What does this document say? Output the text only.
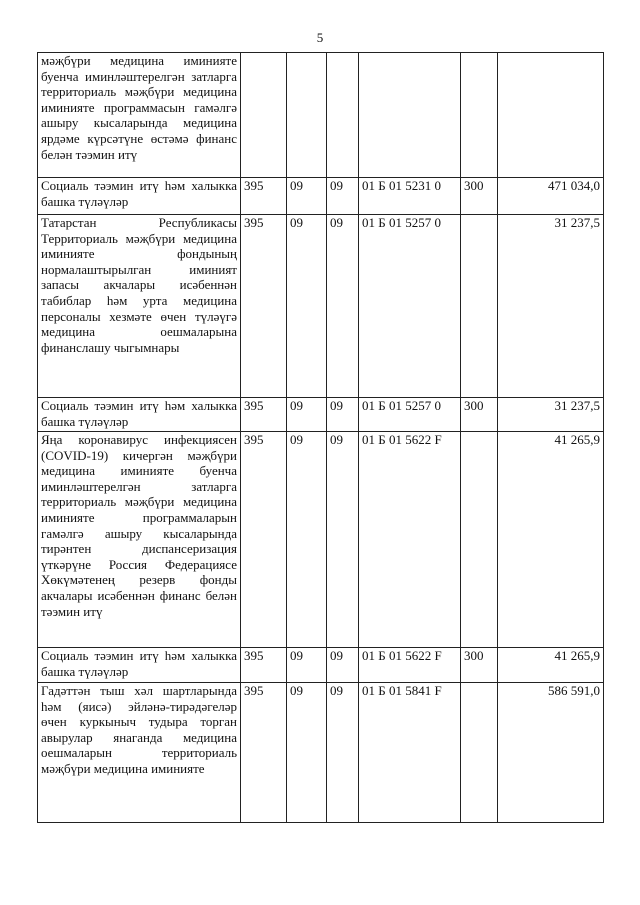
5
мәҗбүри медицина иминияте буенча иминләштерелгән затларга территориаль мәҗбүри медицина иминияте программасын гамәлгә ашыру кысаларында медицина ярдәме күрсәтүне өстәмә финанс белән тәэмин итү						
Социаль тәэмин итү һәм халыкка башка түләүләр	395	09	09	01 Б 01 5231 0	300	471 034,0
Татарстан Республикасы Территориаль мәҗбүри медицина иминияте фондының нормалаштырылган иминият запасы акчалары исәбеннән табиблар һәм урта медицина персоналы хезмәте өчен түләүгә медицина оешмаларына финанслашу чыгымнары	395	09	09	01 Б 01 5257 0		31 237,5
Социаль тәэмин итү һәм халыкка башка түләүләр	395	09	09	01 Б 01 5257 0	300	31 237,5
Яңа коронавирус инфекциясен (COVID-19) кичергән мәҗбүри медицина иминияте буенча иминләштерелгән затларга территориаль мәҗбүри медицина иминияте программаларын гамәлгә ашыру кысаларында тирәнтен диспансеризация үткәрүне Россия Федерациясе Хөкүмәтенең резерв фонды акчалары исәбеннән финанс белән тәэмин итү	395	09	09	01 Б 01 5622 F		41 265,9
Социаль тәэмин итү һәм халыкка башка түләүләр	395	09	09	01 Б 01 5622 F	300	41 265,9
Гадәттән тыш хәл шартларында һәм (яисә) эйләнә-тирәдәгеләр өчен куркыныч тудыра торган авырулар янаганда медицина оешмаларын территориаль мәҗбүри медицина иминияте	395	09	09	01 Б 01 5841 F		586 591,0
